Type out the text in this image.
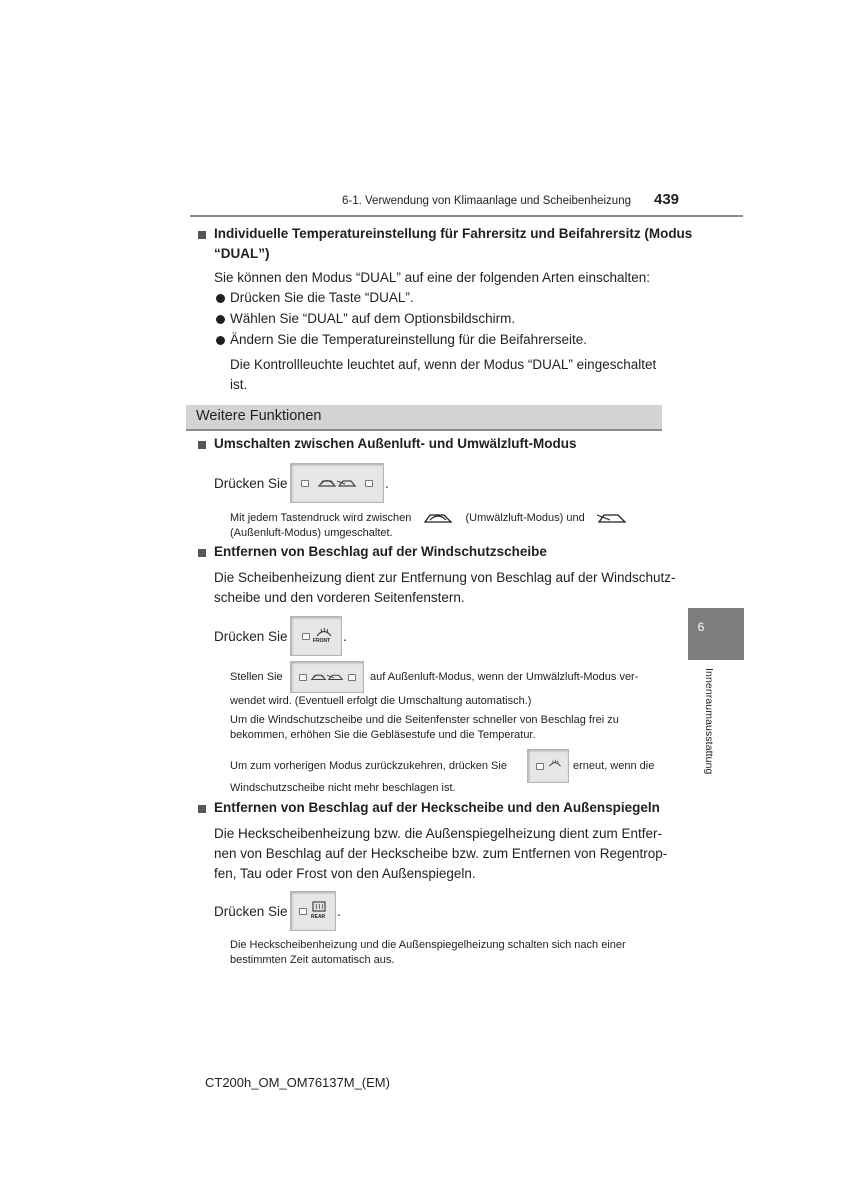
6-1. Verwendung von Klimaanlage und Scheibenheizung 439
6
Innenraumausstattung
Individuelle Temperatureinstellung für Fahrersitz und Beifahrersitz (Modus
“DUAL”)
Sie können den Modus “DUAL” auf eine der folgenden Arten einschalten:
Drücken Sie die Taste “DUAL”.
Wählen Sie “DUAL” auf dem Optionsbildschirm.
Ändern Sie die Temperatureinstellung für die Beifahrerseite.
Die Kontrollleuchte leuchtet auf, wenn der Modus “DUAL” eingeschaltet
ist.
Weitere Funktionen
Umschalten zwischen Außenluft- und Umwälzluft-Modus
Drücken Sie	.
Mit jedem Tastendruck wird zwischen	(Umwälzluft-Modus) und
(Außenluft-Modus) umgeschaltet.
Entfernen von Beschlag auf der Windschutzscheibe
Die Scheibenheizung dient zur Entfernung von Beschlag auf der Windschutz-
scheibe und den vorderen Seitenfenstern.
Drücken Sie	FRONT .
Stellen Sie	auf Außenluft-Modus, wenn der Umwälzluft-Modus ver-
wendet wird. (Eventuell erfolgt die Umschaltung automatisch.)
Um die Windschutzscheibe und die Seitenfenster schneller von Beschlag frei zu
bekommen, erhöhen Sie die Gebläsestufe und die Temperatur.
Um zum vorherigen Modus zurückzukehren, drücken Sie	erneut, wenn die
Windschutzscheibe nicht mehr beschlagen ist.
Entfernen von Beschlag auf der Heckscheibe und den Außenspiegeln
Die Heckscheibenheizung bzw. die Außenspiegelheizung dient zum Entfer-
nen von Beschlag auf der Heckscheibe bzw. zum Entfernen von Regentrop-
fen, Tau oder Frost von den Außenspiegeln.
Drücken Sie	REAR .
Die Heckscheibenheizung und die Außenspiegelheizung schalten sich nach einer
bestimmten Zeit automatisch aus.
CT200h_OM_OM76137M_(EM)
